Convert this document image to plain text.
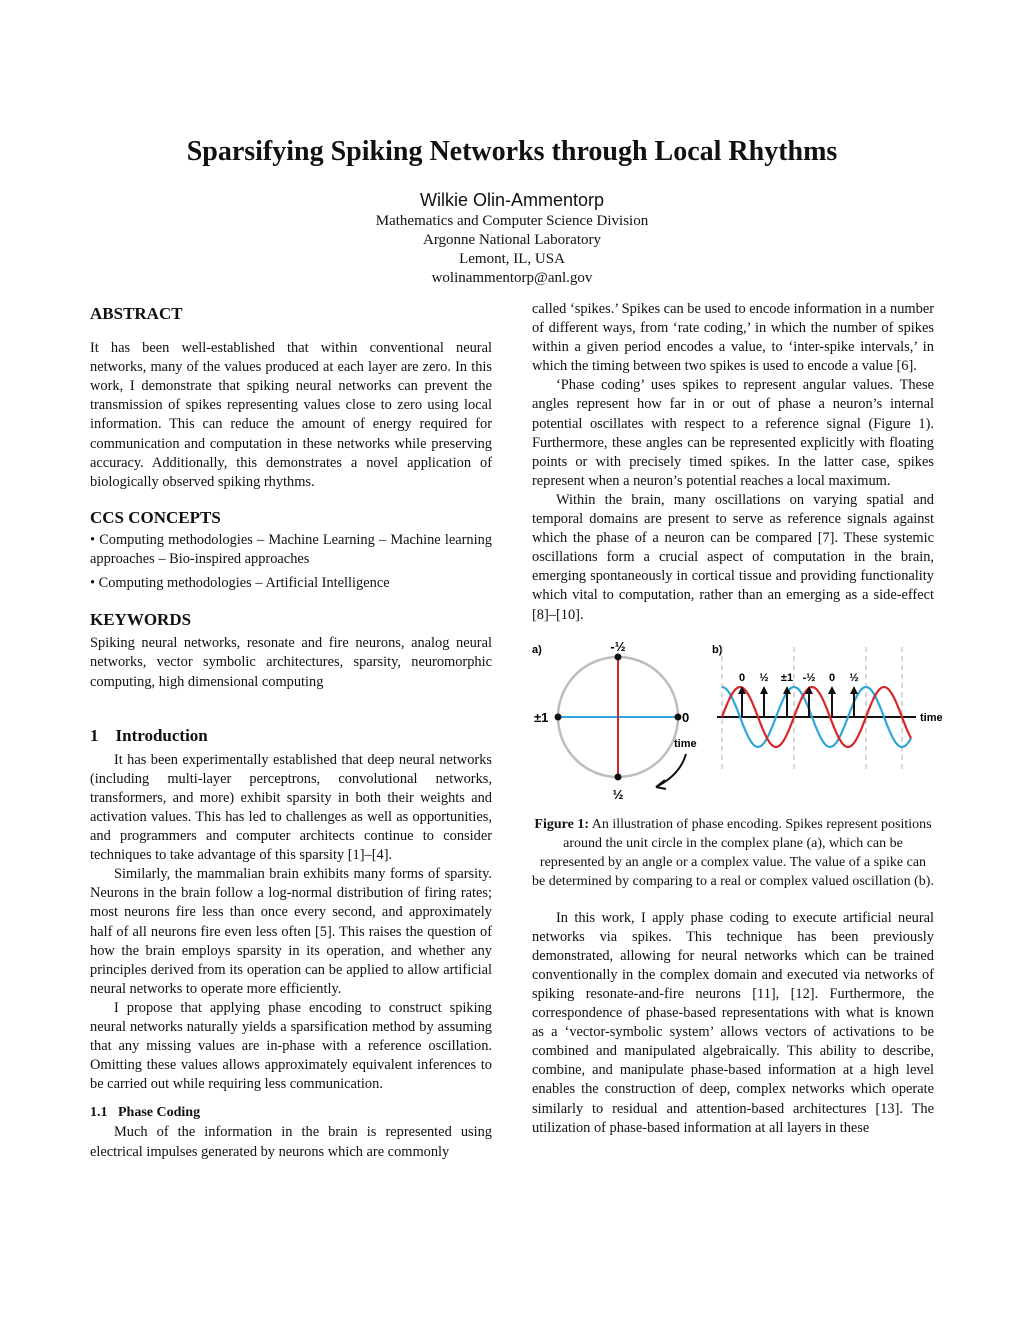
Sparsifying Spiking Networks through Local Rhythms
Wilkie Olin-Ammentorp
Mathematics and Computer Science Division
Argonne National Laboratory
Lemont, IL, USA
wolinammentorp@anl.gov
ABSTRACT

It has been well-established that within conventional neural networks, many of the values produced at each layer are zero. In this work, I demonstrate that spiking neural networks can prevent the transmission of spikes representing values close to zero using local information. This can reduce the amount of energy required for communication and computation in these networks while preserving accuracy. Additionally, this demonstrates a novel application of biologically observed spiking rhythms.

CCS CONCEPTS

• Computing methodologies – Machine Learning – Machine learning approaches – Bio-inspired approaches

• Computing methodologies – Artificial Intelligence

KEYWORDS

Spiking neural networks, resonate and fire neurons, analog neural networks, vector symbolic architectures, sparsity, neuromorphic computing, high dimensional computing

1    Introduction

It has been experimentally established that deep neural networks (including multi-layer perceptrons, convolutional networks, transformers, and more) exhibit sparsity in both their weights and activation values. This has led to challenges as well as opportunities, and programmers and computer architects continue to consider techniques to take advantage of this sparsity [1]–[4].

Similarly, the mammalian brain exhibits many forms of sparsity. Neurons in the brain follow a log-normal distribution of firing rates; most neurons fire less than once every second, and approximately half of all neurons fire even less often [5]. This raises the question of how the brain employs sparsity in its operation, and whether any principles derived from its operation can be applied to allow artificial neural networks to operate more efficiently.

I propose that applying phase encoding to construct spiking neural networks naturally yields a sparsification method by assuming that any missing values are in-phase with a reference oscillation. Omitting these values allows approximately equivalent inferences to be carried out while requiring less communication.

1.1   Phase Coding

Much of the information in the brain is represented using electrical impulses generated by neurons which are commonly

called ‘spikes.’ Spikes can be used to encode information in a number of different ways, from ‘rate coding,’ in which the number of spikes within a given period encodes a value, to ‘inter-spike intervals,’ in which the timing between two spikes is used to encode a value [6].

‘Phase coding’ uses spikes to represent angular values. These angles represent how far in or out of phase a neuron’s internal potential oscillates with respect to a reference signal (Figure 1). Furthermore, these angles can be represented explicitly with floating points or with precisely timed spikes. In the latter case, spikes represent when a neuron’s potential reaches a local maximum.

Within the brain, many oscillations on varying spatial and temporal domains are present to serve as reference signals against which the phase of a neuron can be compared [7]. These systemic oscillations form a crucial aspect of computation in the brain, emerging spontaneously in cortical tissue and providing functionality which vital to computation, rather than an emerging as a side-effect [8]–[10].

a)	-½
½
±1	0
time
b)
0 ½ ±1 -½ 0 ½
time
Figure 1: An illustration of phase encoding. Spikes represent positions around the unit circle in the complex plane (a), which can be represented by an angle or a complex value. The value of a spike can be determined by comparing to a real or complex valued oscillation (b).

In this work, I apply phase coding to execute artificial neural networks via spikes. This technique has been previously demonstrated, allowing for neural networks which can be trained conventionally in the complex domain and executed via networks of spiking resonate-and-fire neurons [11], [12]. Furthermore, the correspondence of phase-based representations with what is known as a ‘vector-symbolic system’ allows vectors of activations to be combined and manipulated algebraically. This ability to describe, combine, and manipulate phase-based information at a high level enables the construction of deep, complex networks which operate similarly to residual and attention-based architectures [13]. The utilization of phase-based information at all layers in these
